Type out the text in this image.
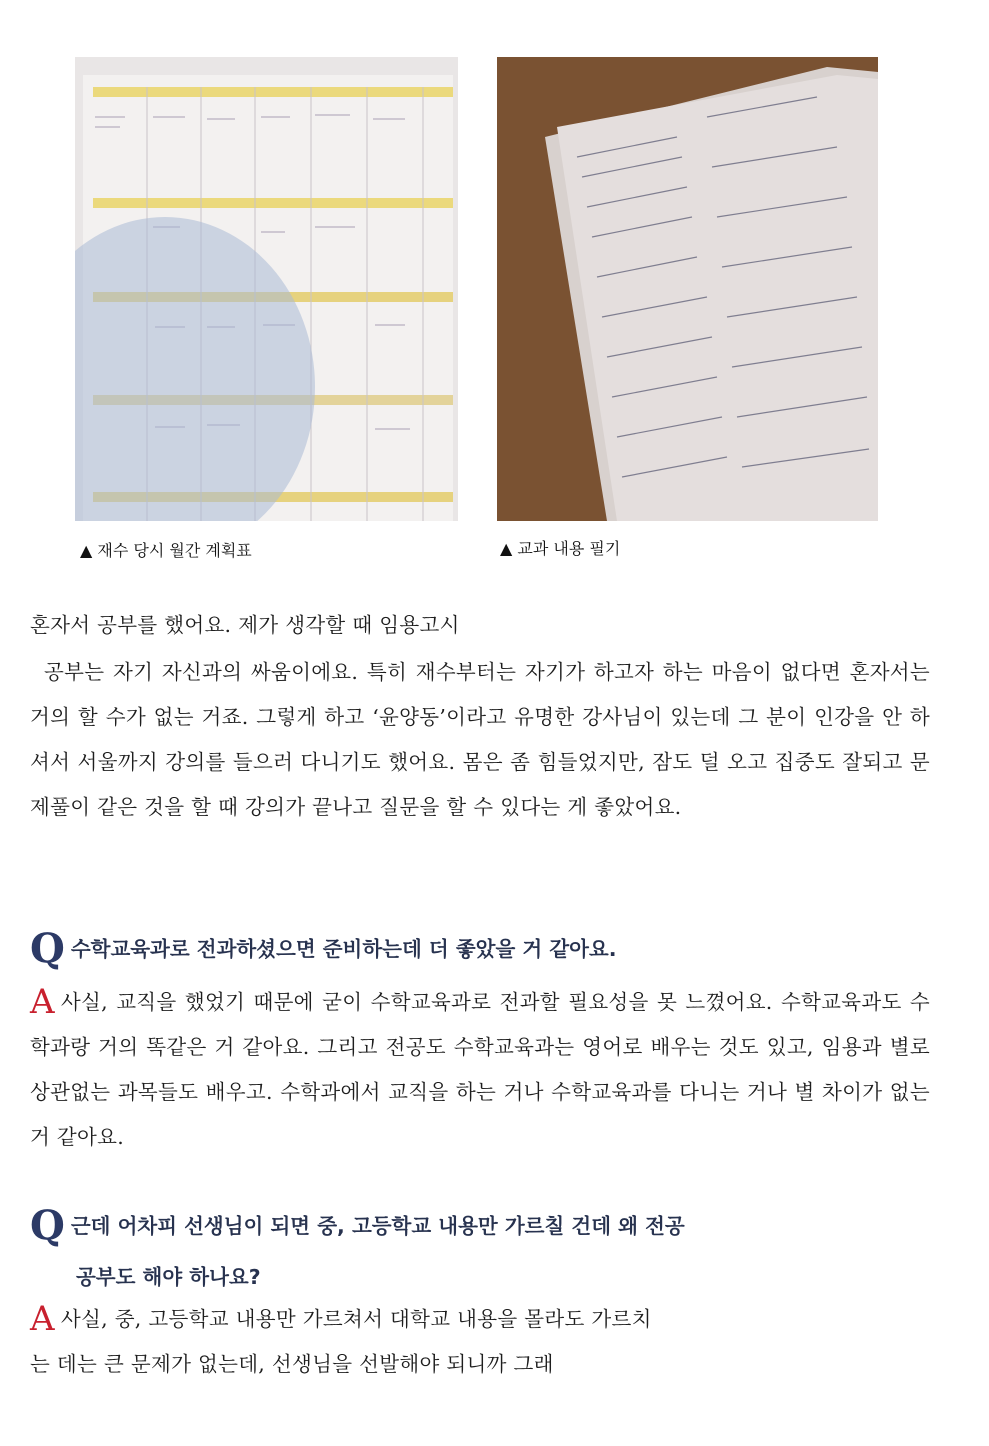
▲ 재수 당시 월간 계획표	▲ 교과 내용 필기

혼자서 공부를 했어요. 제가 생각할 때 임용고시

공부는 자기 자신과의 싸움이에요. 특히 재수부터는 자기가 하고자 하는 마음이 없다면 혼자서는 거의 할 수가 없는 거죠. 그렇게 하고 ‘윤양동’이라고 유명한 강사님이 있는데 그 분이 인강을 안 하셔서 서울까지 강의를 들으러 다니기도 했어요. 몸은 좀 힘들었지만, 잠도 덜 오고 집중도 잘되고 문제풀이 같은 것을 할 때 강의가 끝나고 질문을 할 수 있다는 게 좋았어요.

Q수학교육과로 전과하셨으면 준비하는데 더 좋았을 거 같아요.

A사실, 교직을 했었기 때문에 굳이 수학교육과로 전과할 필요성을 못 느꼈어요. 수학교육과도 수학과랑 거의 똑같은 거 같아요. 그리고 전공도 수학교육과는 영어로 배우는 것도 있고, 임용과 별로 상관없는 과목들도 배우고. 수학과에서 교직을 하는 거나 수학교육과를 다니는 거나 별 차이가 없는 거 같아요.

Q근데 어차피 선생님이 되면 중, 고등학교 내용만 가르칠 건데 왜 전공
공부도 해야 하나요?

A사실, 중, 고등학교 내용만 가르쳐서 대학교 내용을 몰라도 가르치

는 데는 큰 문제가 없는데, 선생님을 선발해야 되니까 그래
